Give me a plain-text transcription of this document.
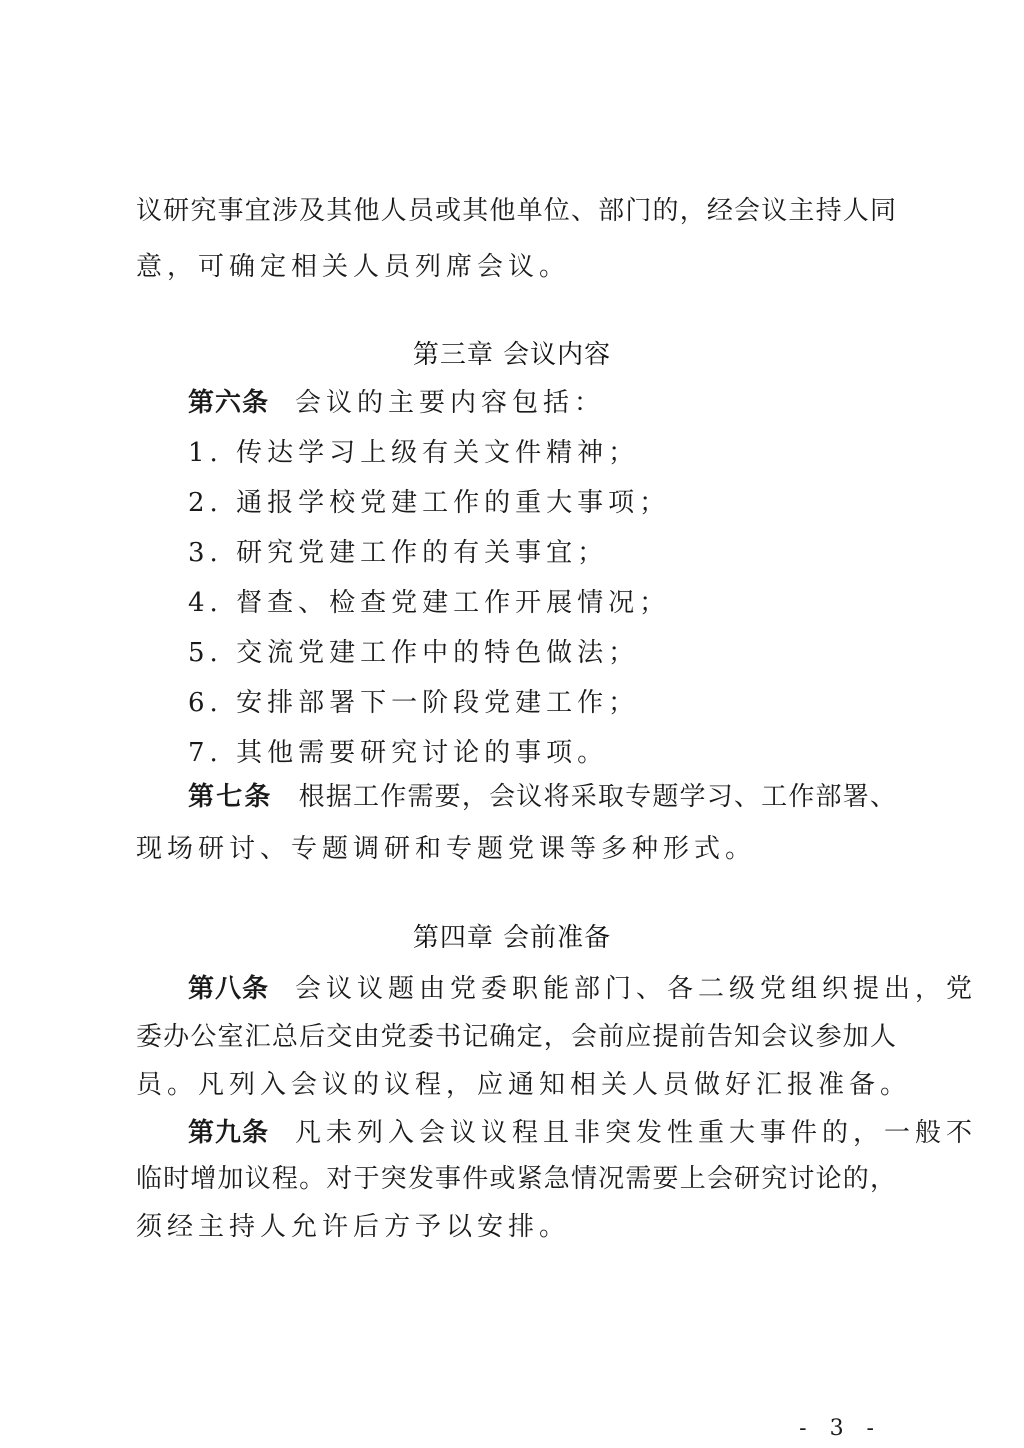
议研究事宜涉及其他人员或其他单位、部门的，经会议主持人同
意，可确定相关人员列席会议。
第三章 会议内容
第六条 会议的主要内容包括：
1. 传达学习上级有关文件精神；
2. 通报学校党建工作的重大事项；
3. 研究党建工作的有关事宜；
4. 督查、检查党建工作开展情况；
5. 交流党建工作中的特色做法；
6. 安排部署下一阶段党建工作；
7. 其他需要研究讨论的事项。
第七条 根据工作需要，会议将采取专题学习、工作部署、
现场研讨、专题调研和专题党课等多种形式。
第四章 会前准备
第八条 会议议题由党委职能部门、各二级党组织提出，党
委办公室汇总后交由党委书记确定，会前应提前告知会议参加人
员。凡列入会议的议程，应通知相关人员做好汇报准备。
第九条 凡未列入会议议程且非突发性重大事件的，一般不
临时增加议程。对于突发事件或紧急情况需要上会研究讨论的，
须经主持人允许后方予以安排。
- 3 -
